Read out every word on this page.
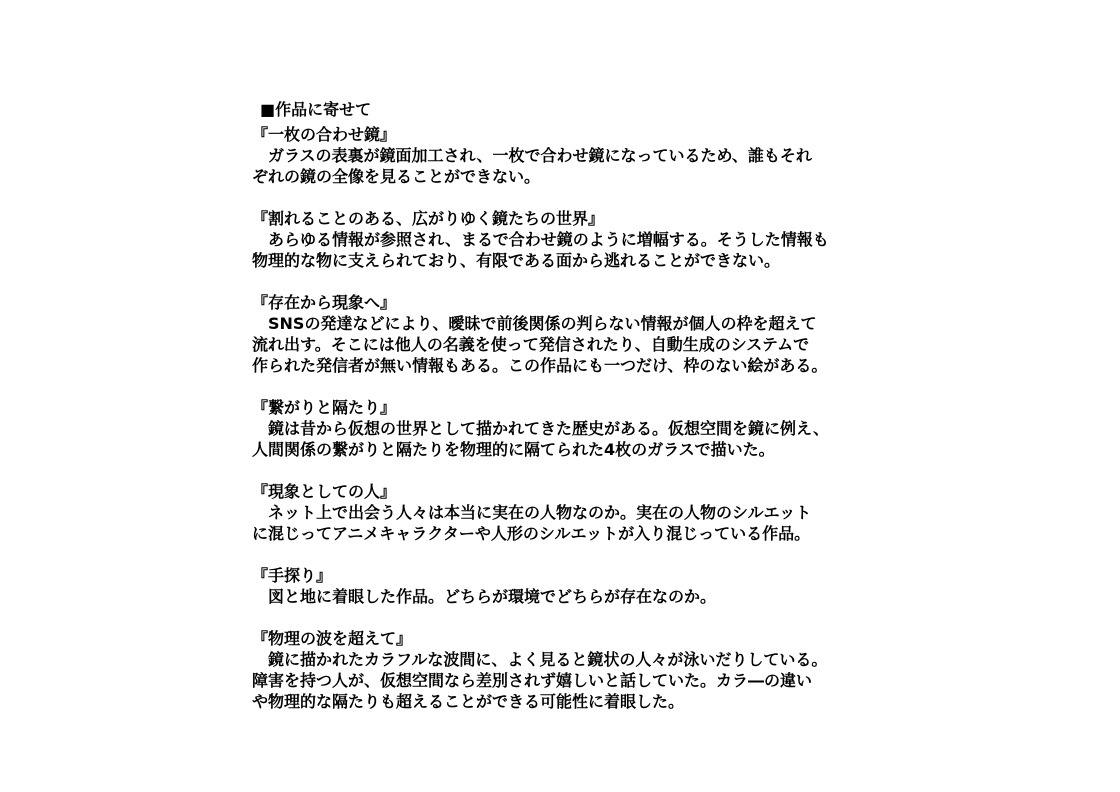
■作品に寄せて
『一枚の合わせ鏡』
ガラスの表裏が鏡面加工され、一枚で合わせ鏡になっているため、誰もそれ
ぞれの鏡の全像を見ることができない。
『割れることのある、広がりゆく鏡たちの世界』
あらゆる情報が参照され、まるで合わせ鏡のように増幅する。そうした情報も
物理的な物に支えられており、有限である面から逃れることができない。
『存在から現象へ』
SNSの発達などにより、曖昧で前後関係の判らない情報が個人の枠を超えて
流れ出す。そこには他人の名義を使って発信されたり、自動生成のシステムで
作られた発信者が無い情報もある。この作品にも一つだけ、枠のない絵がある。
『繋がりと隔たり』
鏡は昔から仮想の世界として描かれてきた歴史がある。仮想空間を鏡に例え、
人間関係の繋がりと隔たりを物理的に隔てられた4枚のガラスで描いた。
『現象としての人』
ネット上で出会う人々は本当に実在の人物なのか。実在の人物のシルエット
に混じってアニメキャラクターや人形のシルエットが入り混じっている作品。
『手探り』
図と地に着眼した作品。どちらが環境でどちらが存在なのか。
『物理の波を超えて』
鏡に描かれたカラフルな波間に、よく見ると鏡状の人々が泳いだりしている。
障害を持つ人が、仮想空間なら差別されず嬉しいと話していた。カラ―の違い
や物理的な隔たりも超えることができる可能性に着眼した。
